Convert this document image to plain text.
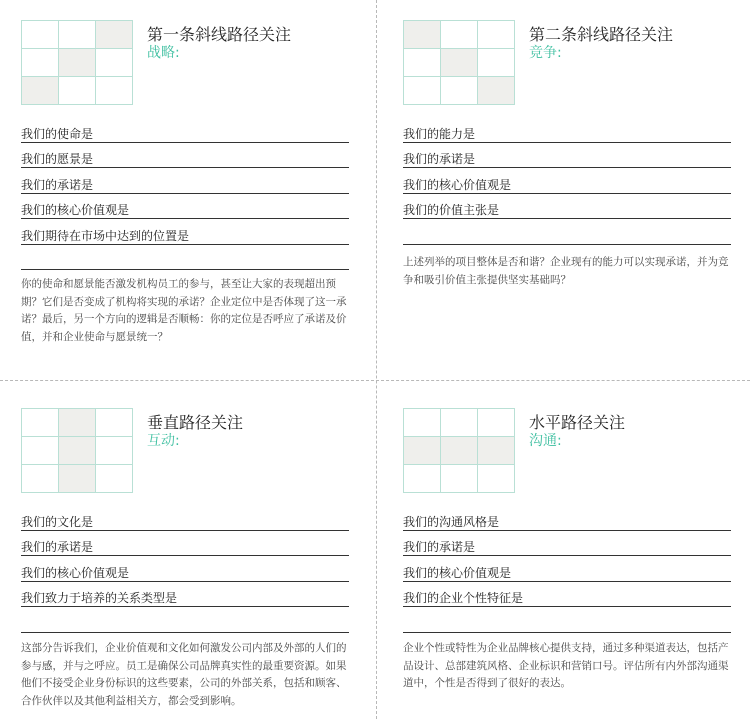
第一条斜线路径关注
战略:
我们的使命是
我们的愿景是
我们的承诺是
我们的核心价值观是
我们期待在市场中达到的位置是
你的使命和愿景能否激发机构员工的参与，甚至让大家的表现超出预期？它们是否变成了机构将实现的承诺？企业定位中是否体现了这一承诺？最后，另一个方向的逻辑是否顺畅：你的定位是否呼应了承诺及价值，并和企业使命与愿景统一？
第二条斜线路径关注
竞争:
我们的能力是
我们的承诺是
我们的核心价值观是
我们的价值主张是
上述列举的项目整体是否和谐？企业现有的能力可以实现承诺，并为竞争和吸引价值主张提供坚实基础吗？
垂直路径关注
互动:
我们的文化是
我们的承诺是
我们的核心价值观是
我们致力于培养的关系类型是
这部分告诉我们，企业价值观和文化如何激发公司内部及外部的人们的参与感，并与之呼应。员工是确保公司品牌真实性的最重要资源。如果他们不接受企业身份标识的这些要素，公司的外部关系，包括和顾客、合作伙伴以及其他利益相关方，都会受到影响。
水平路径关注
沟通:
我们的沟通风格是
我们的承诺是
我们的核心价值观是
我们的企业个性特征是
企业个性或特性为企业品牌核心提供支持，通过多种渠道表达，包括产品设计、总部建筑风格、企业标识和营销口号。评估所有内外部沟通渠道中，个性是否得到了很好的表达。
